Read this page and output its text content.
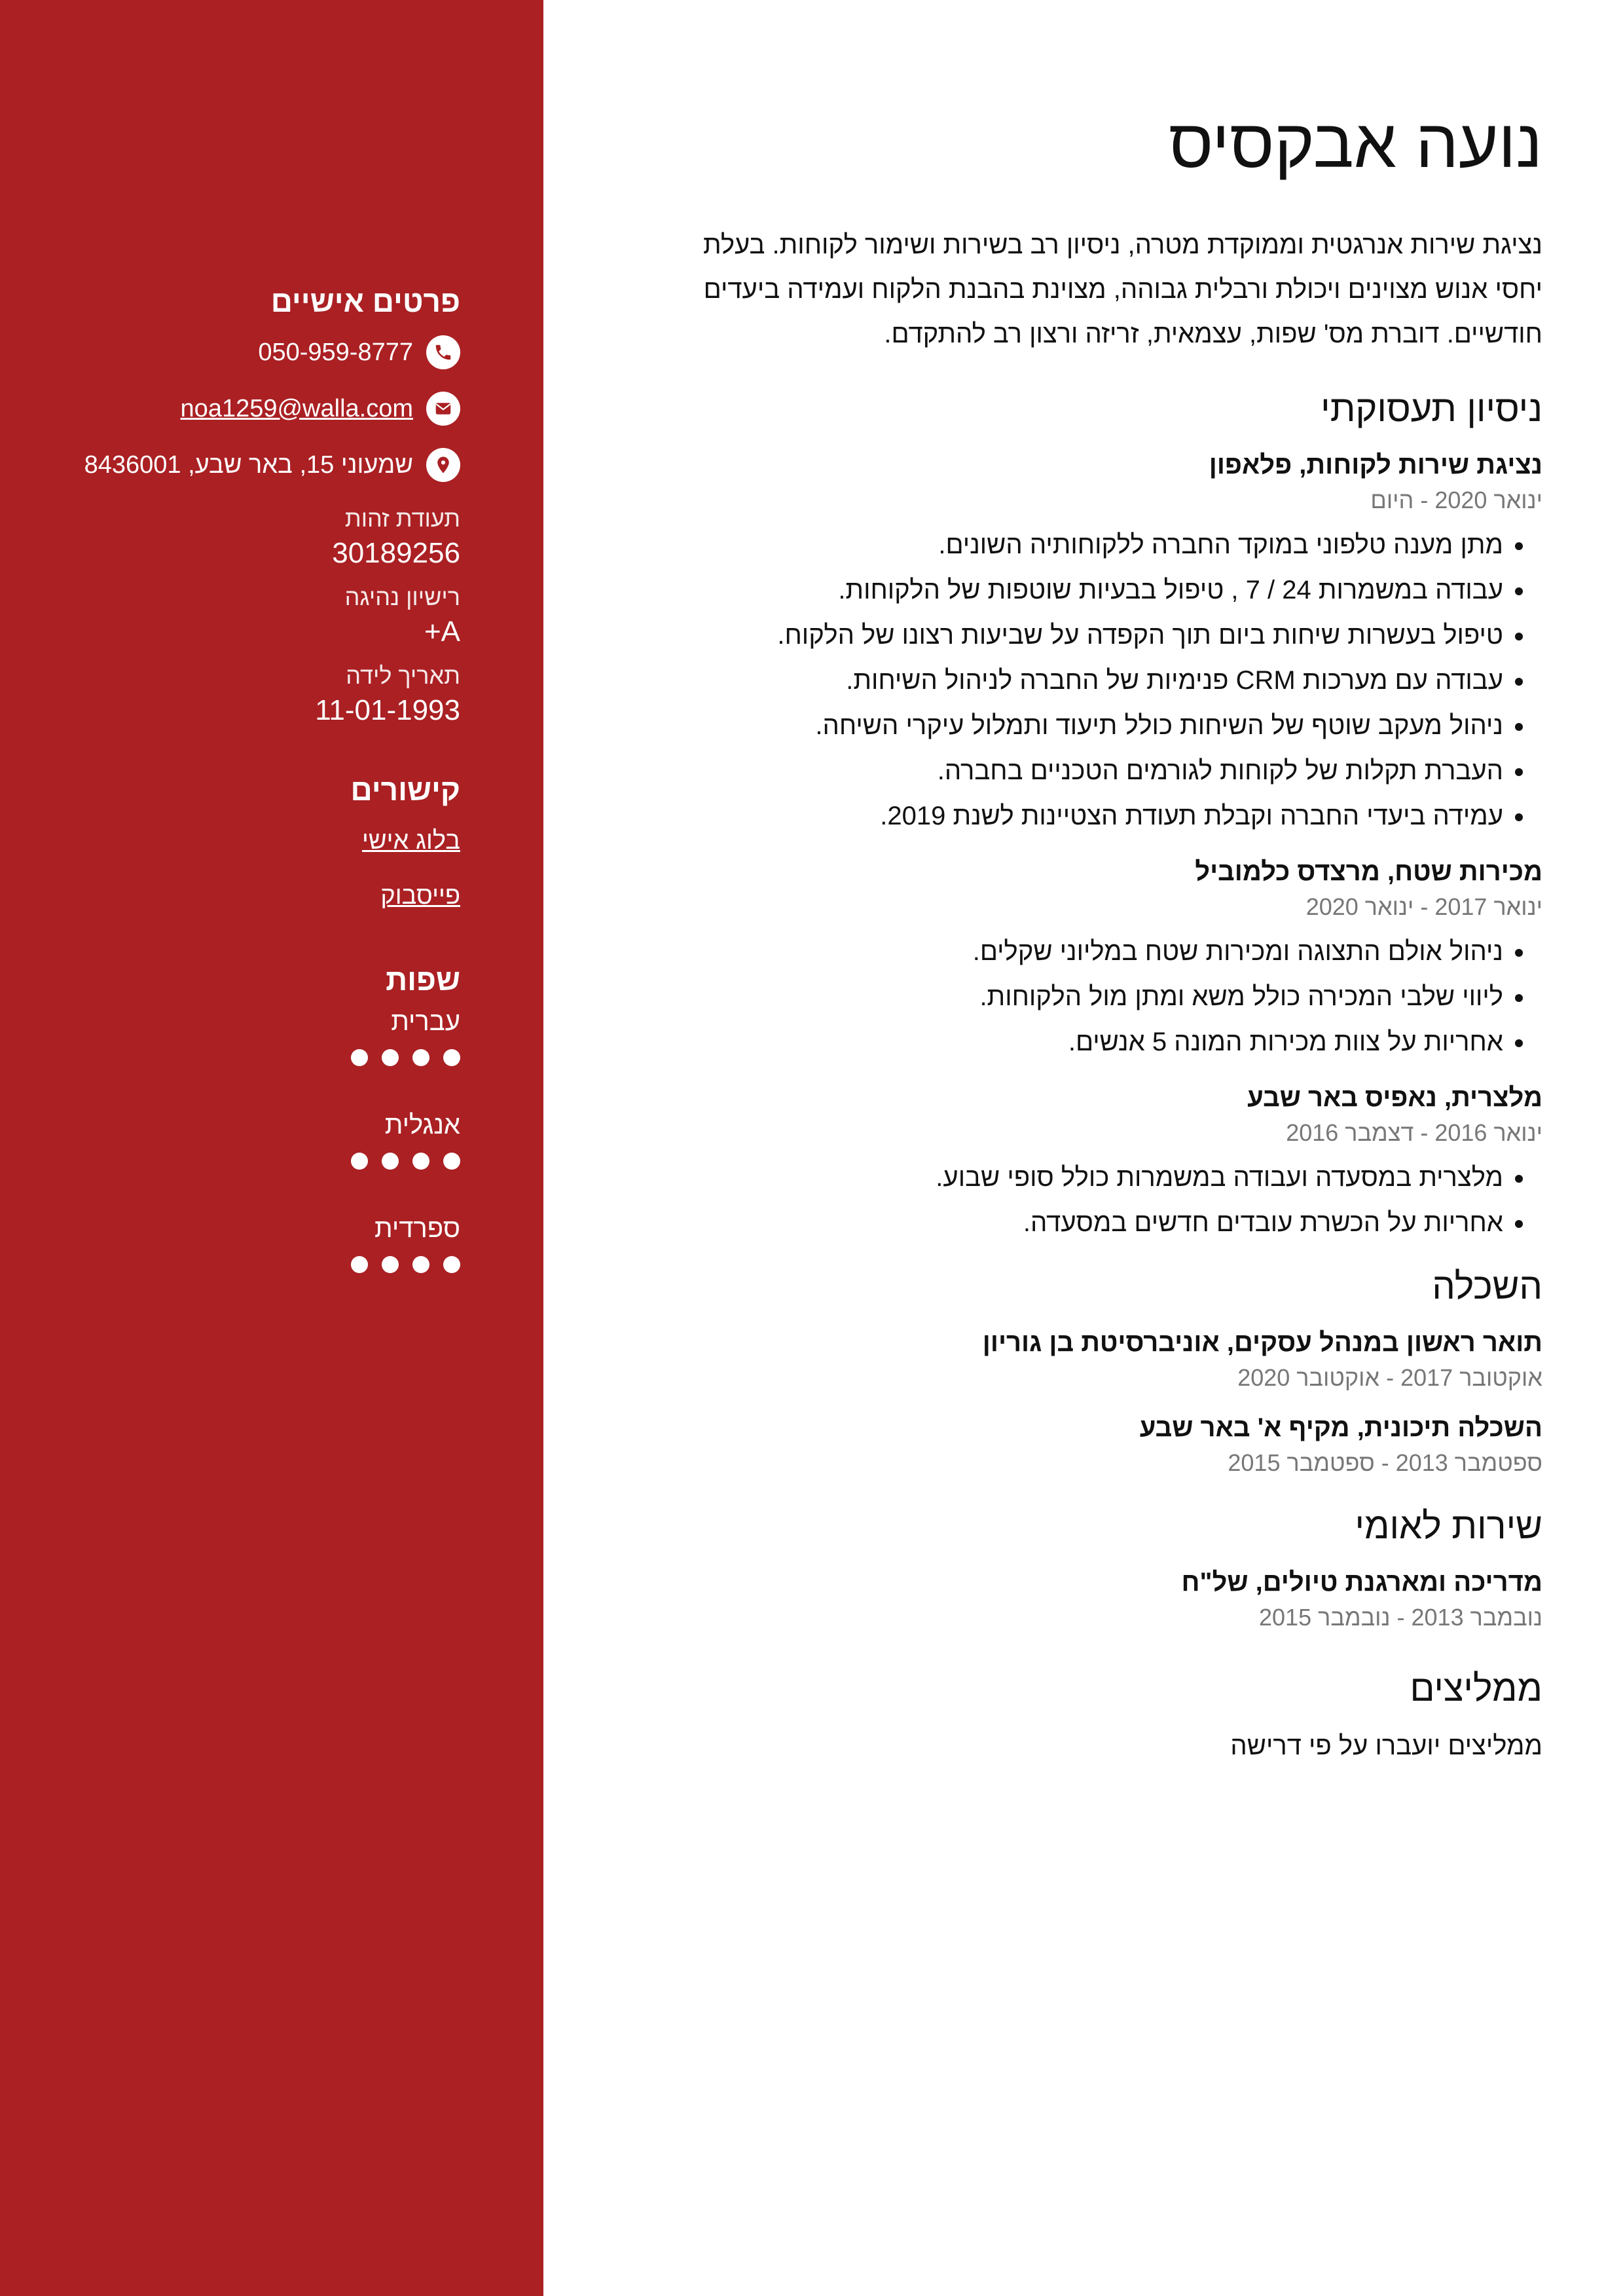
פרטים אישיים
050-959-8777
noa1259@walla.com
שמעוני 15, באר שבע, 8436001
תעודת זהות
30189256
רישיון נהיגה
A+
תאריך לידה
11-01-1993
קישורים
בלוג אישי
פייסבוק
שפות
עברית
אנגלית
ספרדית
נועה אבקסיס

נציגת שירות אנרגטית וממוקדת מטרה, ניסיון רב בשירות ושימור לקוחות. בעלת יחסי אנוש מצוינים ויכולת ורבלית גבוהה, מצוינת בהבנת הלקוח ועמידה ביעדים חודשיים. דוברת מס' שפות, עצמאית, זריזה ורצון רב להתקדם.

ניסיון תעסוקתי
נציגת שירות לקוחות, פלאפון
ינואר 2020 - היום
• מתן מענה טלפוני במוקד החברה ללקוחותיה השונים.
• עבודה במשמרות 24 / 7 , טיפול בבעיות שוטפות של הלקוחות.
• טיפול בעשרות שיחות ביום תוך הקפדה על שביעות רצונו של הלקוח.
• עבודה עם מערכות CRM פנימיות של החברה לניהול השיחות.
• ניהול מעקב שוטף של השיחות כולל תיעוד ותמלול עיקרי השיחה.
• העברת תקלות של לקוחות לגורמים הטכניים בחברה.
• עמידה ביעדי החברה וקבלת תעודת הצטיינות לשנת 2019.
מכירות שטח, מרצדס כלמוביל
ינואר 2017 - ינואר 2020
• ניהול אולם התצוגה ומכירות שטח במליוני שקלים.
• ליווי שלבי המכירה כולל משא ומתן מול הלקוחות.
• אחריות על צוות מכירות המונה 5 אנשים.
מלצרית, נאפיס באר שבע
ינואר 2016 - דצמבר 2016
• מלצרית במסעדה ועבודה במשמרות כולל סופי שבוע.
• אחריות על הכשרת עובדים חדשים במסעדה.
השכלה
תואר ראשון במנהל עסקים, אוניברסיטת בן גוריון
אוקטובר 2017 - אוקטובר 2020
השכלה תיכונית, מקיף א' באר שבע
ספטמבר 2013 - ספטמבר 2015
שירות לאומי
מדריכה ומארגנת טיולים, של"ח
נובמבר 2013 - נובמבר 2015
ממליצים
ממליצים יועברו על פי דרישה
